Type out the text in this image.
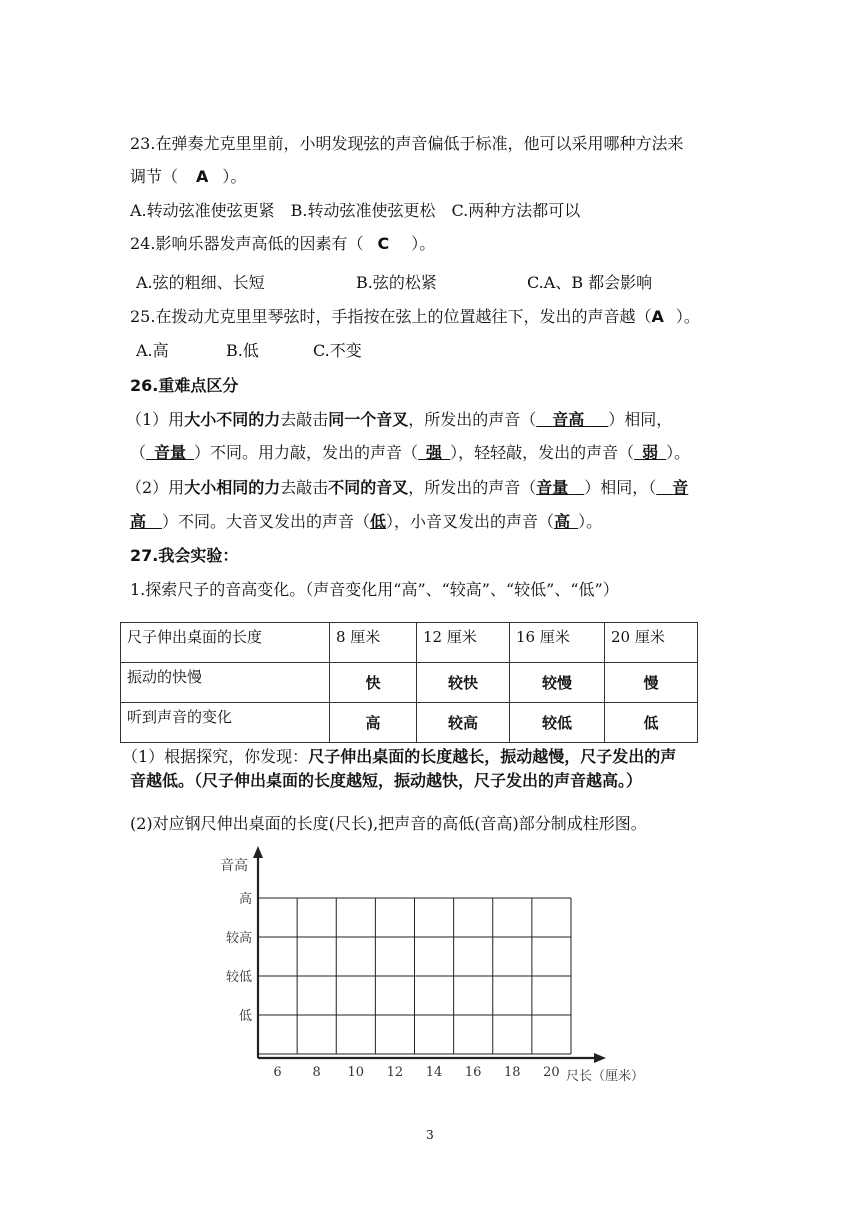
23.在弹奏尤克里里前，小明发现弦的声音偏低于标准，他可以采用哪种方法来
调节（ A ）。
A.转动弦准使弦更紧　B.转动弦准使弦更松　C.两种方法都可以
24.影响乐器发声高低的因素有（ C ）。
A.弦的粗细、长短	B.弦的松紧	C.A、B 都会影响
25.在拨动尤克里里琴弦时，手指按在弦上的位置越往下，发出的声音越（A ）。
A.高	B.低	C.不变
26.重难点区分
（1）用大小不同的力去敲击同一个音叉，所发出的声音（  音高   ）相同，
（  音量  ）不同。用力敲，发出的声音（  强  ），轻轻敲，发出的声音（  弱  ）。
（2）用大小相同的力去敲击不同的音叉，所发出的声音（音量  ）相同，（  音
高  ）不同。大音叉发出的声音（低），小音叉发出的声音（高  ）。
27.我会实验：
1.探索尺子的音高变化。（声音变化用“高”、“较高”、“较低”、“低”）
尺子伸出桌面的长度	8 厘米	12 厘米	16 厘米	20 厘米
振动的快慢	快	较快	较慢	慢
听到声音的变化	高	较高	较低	低
（1）根据探究，你发现：尺子伸出桌面的长度越长，振动越慢，尺子发出的声
音越低。（尺子伸出桌面的长度越短，振动越快，尺子发出的声音越高。）
(2)对应钢尺伸出桌面的长度(尺长),把声音的高低(音高)部分制成柱形图。
音高
低
较低
较高
高
6 8 10 12 14 16 18 20 尺长（厘米）
3
